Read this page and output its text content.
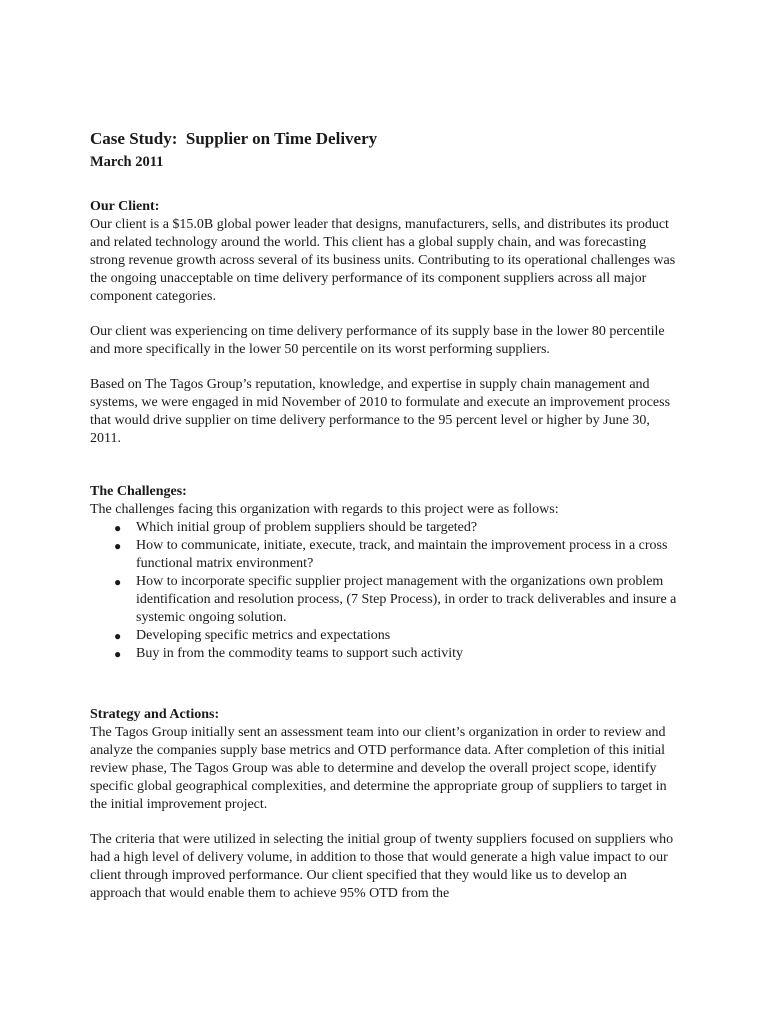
Case Study:  Supplier on Time Delivery
March 2011
Our Client:

Our client is a $15.0B global power leader that designs, manufacturers, sells, and distributes its product and related technology around the world. This client has a global supply chain, and was forecasting strong revenue growth across several of its business units. Contributing to its operational challenges was the ongoing unacceptable on time delivery performance of its component suppliers across all major component categories.

Our client was experiencing on time delivery performance of its supply base in the lower 80 percentile and more specifically in the lower 50 percentile on its worst performing suppliers.

Based on The Tagos Group’s reputation, knowledge, and expertise in supply chain management and systems, we were engaged in mid November of 2010 to formulate and execute an improvement process that would drive supplier on time delivery performance to the 95 percent level or higher by June 30, 2011.

The Challenges:

The challenges facing this organization with regards to this project were as follows:

● Which initial group of problem suppliers should be targeted?
● How to communicate, initiate, execute, track, and maintain the improvement process in a cross functional matrix environment?
● How to incorporate specific supplier project management with the organizations own problem identification and resolution process, (7 Step Process), in order to track deliverables and insure a systemic ongoing solution.
● Developing specific metrics and expectations
● Buy in from the commodity teams to support such activity
Strategy and Actions:

The Tagos Group initially sent an assessment team into our client’s organization in order to review and analyze the companies supply base metrics and OTD performance data. After completion of this initial review phase, The Tagos Group was able to determine and develop the overall project scope, identify specific global geographical complexities, and determine the appropriate group of suppliers to target in the initial improvement project.

The criteria that were utilized in selecting the initial group of twenty suppliers focused on suppliers who had a high level of delivery volume, in addition to those that would generate a high value impact to our client through improved performance. Our client specified that they would like us to develop an approach that would enable them to achieve 95% OTD from the
